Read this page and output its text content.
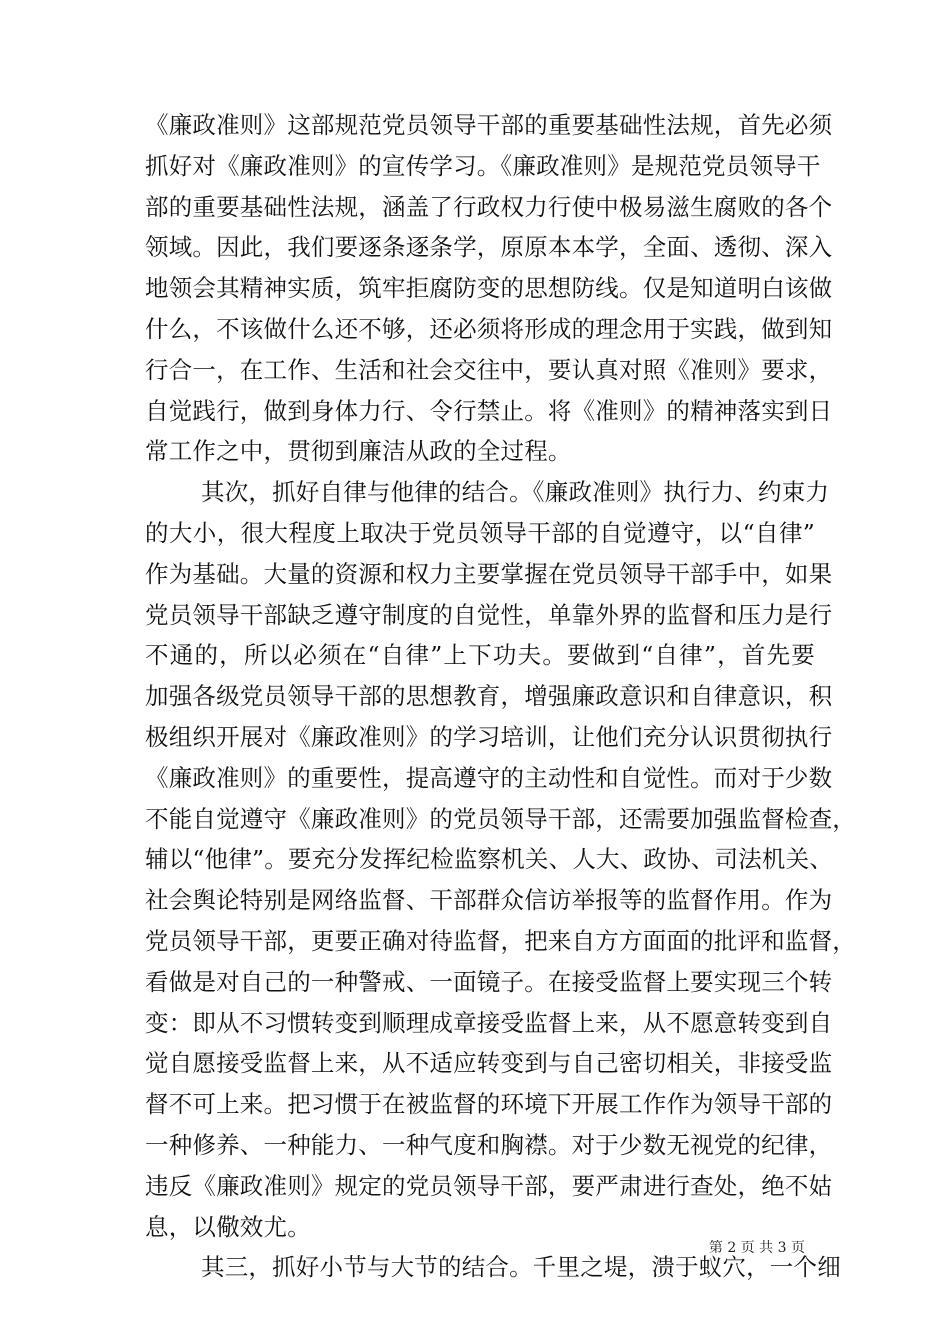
《廉政准则》这部规范党员领导干部的重要基础性法规，首先必须
抓好对《廉政准则》的宣传学习。《廉政准则》是规范党员领导干
部的重要基础性法规，涵盖了行政权力行使中极易滋生腐败的各个
领域。因此，我们要逐条逐条学，原原本本学，全面、透彻、深入
地领会其精神实质，筑牢拒腐防变的思想防线。仅是知道明白该做
什么，不该做什么还不够，还必须将形成的理念用于实践，做到知
行合一，在工作、生活和社会交往中，要认真对照《准则》要求，
自觉践行，做到身体力行、令行禁止。将《准则》的精神落实到日
常工作之中，贯彻到廉洁从政的全过程。
其次，抓好自律与他律的结合。《廉政准则》执行力、约束力
的大小，很大程度上取决于党员领导干部的自觉遵守，以“自律”
作为基础。大量的资源和权力主要掌握在党员领导干部手中，如果
党员领导干部缺乏遵守制度的自觉性，单靠外界的监督和压力是行
不通的，所以必须在“自律”上下功夫。要做到“自律”，首先要
加强各级党员领导干部的思想教育，增强廉政意识和自律意识，积
极组织开展对《廉政准则》的学习培训，让他们充分认识贯彻执行
《廉政准则》的重要性，提高遵守的主动性和自觉性。而对于少数
不能自觉遵守《廉政准则》的党员领导干部，还需要加强监督检查，
辅以“他律”。要充分发挥纪检监察机关、人大、政协、司法机关、
社会舆论特别是网络监督、干部群众信访举报等的监督作用。作为
党员领导干部，更要正确对待监督，把来自方方面面的批评和监督，
看做是对自己的一种警戒、一面镜子。在接受监督上要实现三个转
变：即从不习惯转变到顺理成章接受监督上来，从不愿意转变到自
觉自愿接受监督上来，从不适应转变到与自己密切相关，非接受监
督不可上来。把习惯于在被监督的环境下开展工作作为领导干部的
一种修养、一种能力、一种气度和胸襟。对于少数无视党的纪律，
违反《廉政准则》规定的党员领导干部，要严肃进行查处，绝不姑
息，以儆效尤。
其三，抓好小节与大节的结合。千里之堤，溃于蚁穴，一个细
第 2 页 共 3 页
